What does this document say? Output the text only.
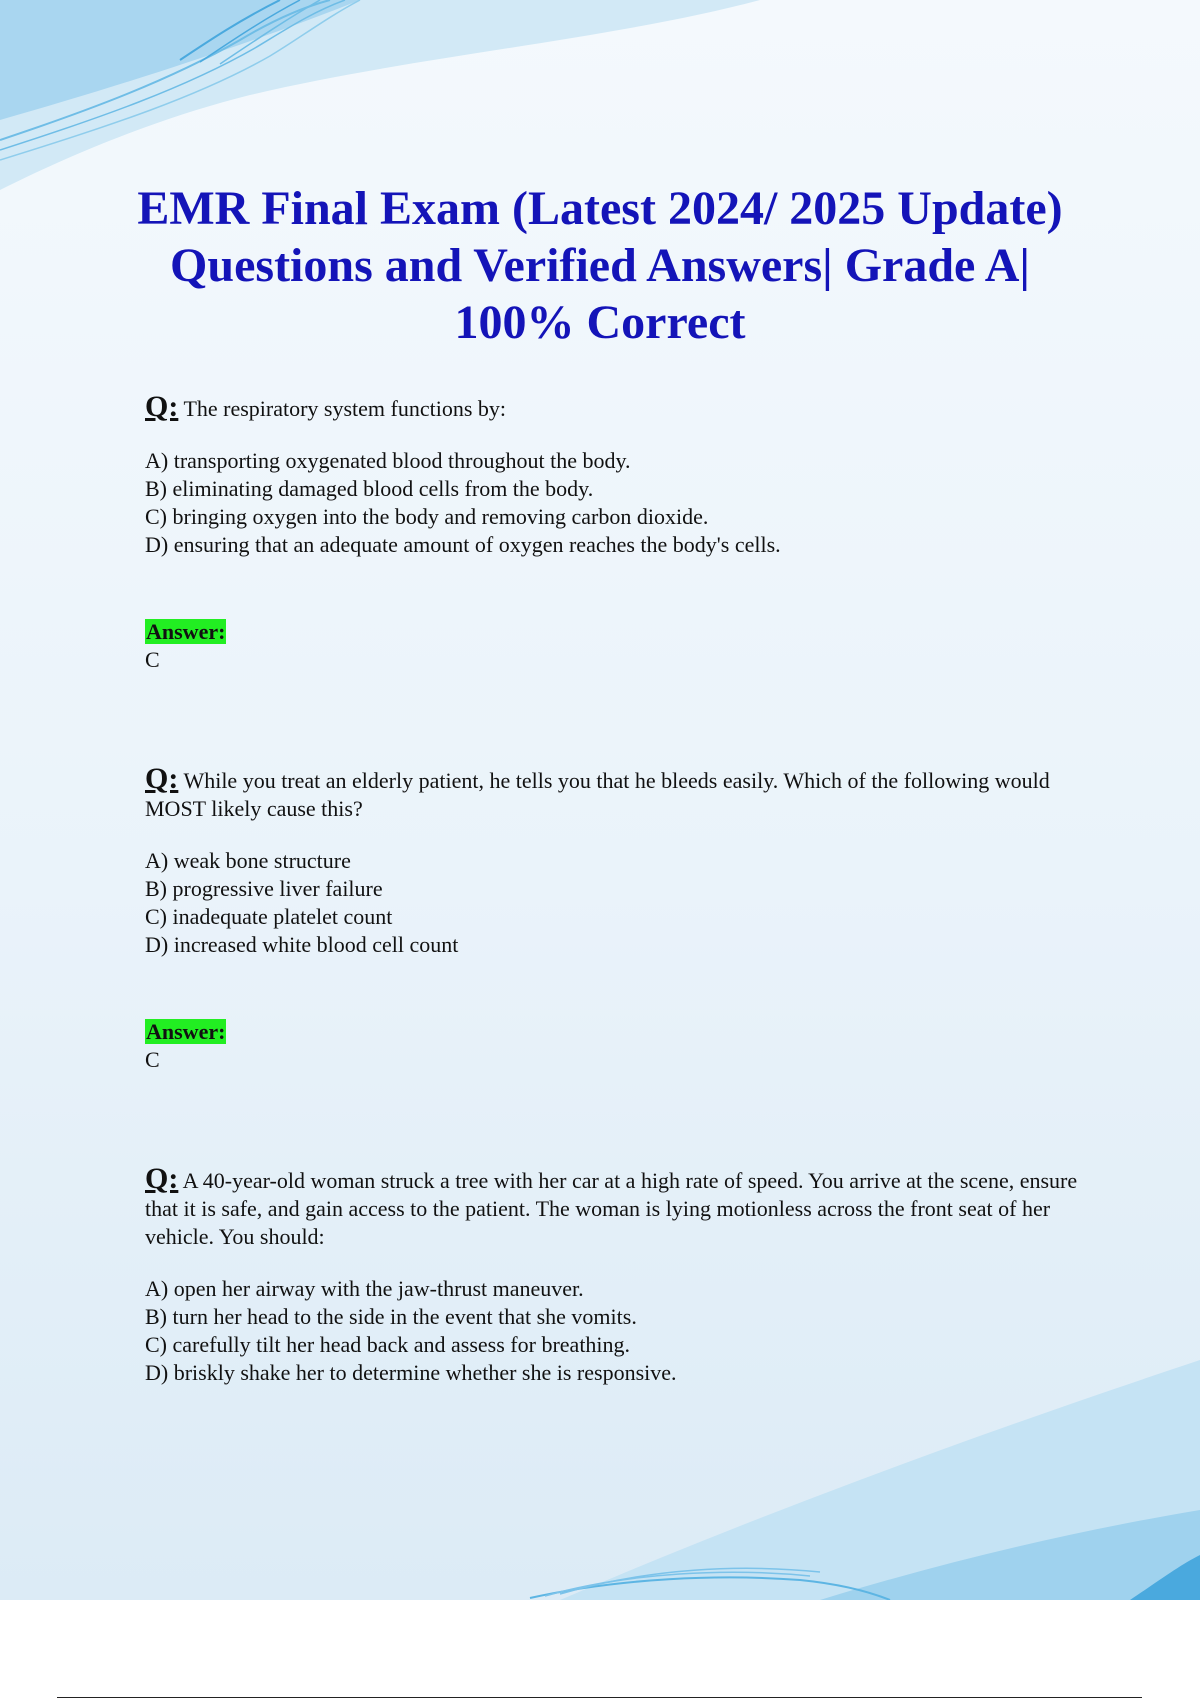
EMR Final Exam (Latest 2024/ 2025 Update)
Questions and Verified Answers| Grade A|
100% Correct

Q: The respiratory system functions by:

A) transporting oxygenated blood throughout the body.
B) eliminating damaged blood cells from the body.
C) bringing oxygen into the body and removing carbon dioxide.
D) ensuring that an adequate amount of oxygen reaches the body's cells.
Answer:
C

Q: While you treat an elderly patient, he tells you that he bleeds easily. Which of the following would MOST likely cause this?

A) weak bone structure
B) progressive liver failure
C) inadequate platelet count
D) increased white blood cell count
Answer:
C

Q: A 40-year-old woman struck a tree with her car at a high rate of speed. You arrive at the scene, ensure that it is safe, and gain access to the patient. The woman is lying motionless across the front seat of her vehicle. You should:

A) open her airway with the jaw-thrust maneuver.
B) turn her head to the side in the event that she vomits.
C) carefully tilt her head back and assess for breathing.
D) briskly shake her to determine whether she is responsive.
